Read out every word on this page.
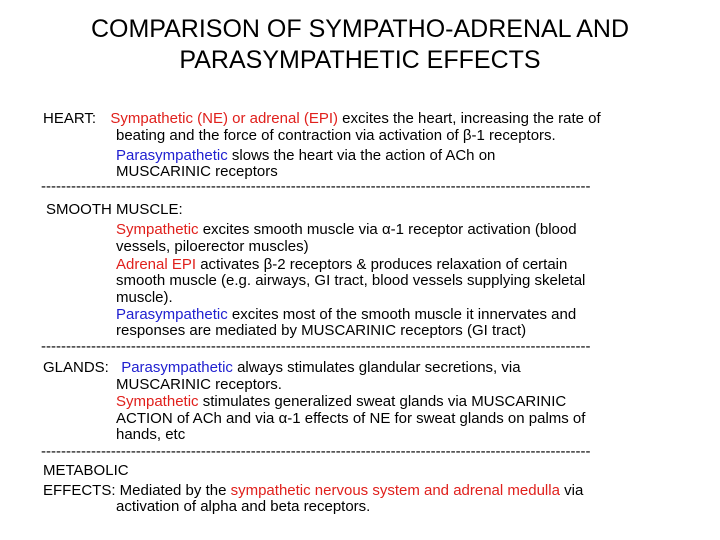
COMPARISON OF SYMPATHO-ADRENAL AND
PARASYMPATHETIC EFFECTS
HEART: Sympathetic (NE) or adrenal (EPI) excites the heart, increasing the rate of
beating and the force of contraction via activation of β-1 receptors.
Parasympathetic slows the heart via the action of ACh on
MUSCARINIC receptors
--------------------------------------------------------------------------------------------------------------
SMOOTH MUSCLE:
Sympathetic excites smooth muscle via α-1 receptor activation (blood
vessels, piloerector muscles)
Adrenal EPI activates β-2 receptors & produces relaxation of certain
smooth muscle (e.g. airways, GI tract, blood vessels supplying skeletal
muscle).
Parasympathetic excites most of the smooth muscle it innervates and
responses are mediated by MUSCARINIC receptors (GI tract)
--------------------------------------------------------------------------------------------------------------
GLANDS: Parasympathetic always stimulates glandular secretions, via
MUSCARINIC receptors.
Sympathetic stimulates generalized sweat glands via MUSCARINIC
ACTION of ACh and via α-1 effects of NE for sweat glands on palms of
hands, etc
--------------------------------------------------------------------------------------------------------------
METABOLIC
EFFECTS: Mediated by the sympathetic nervous system and adrenal medulla via
activation of alpha and beta receptors.
